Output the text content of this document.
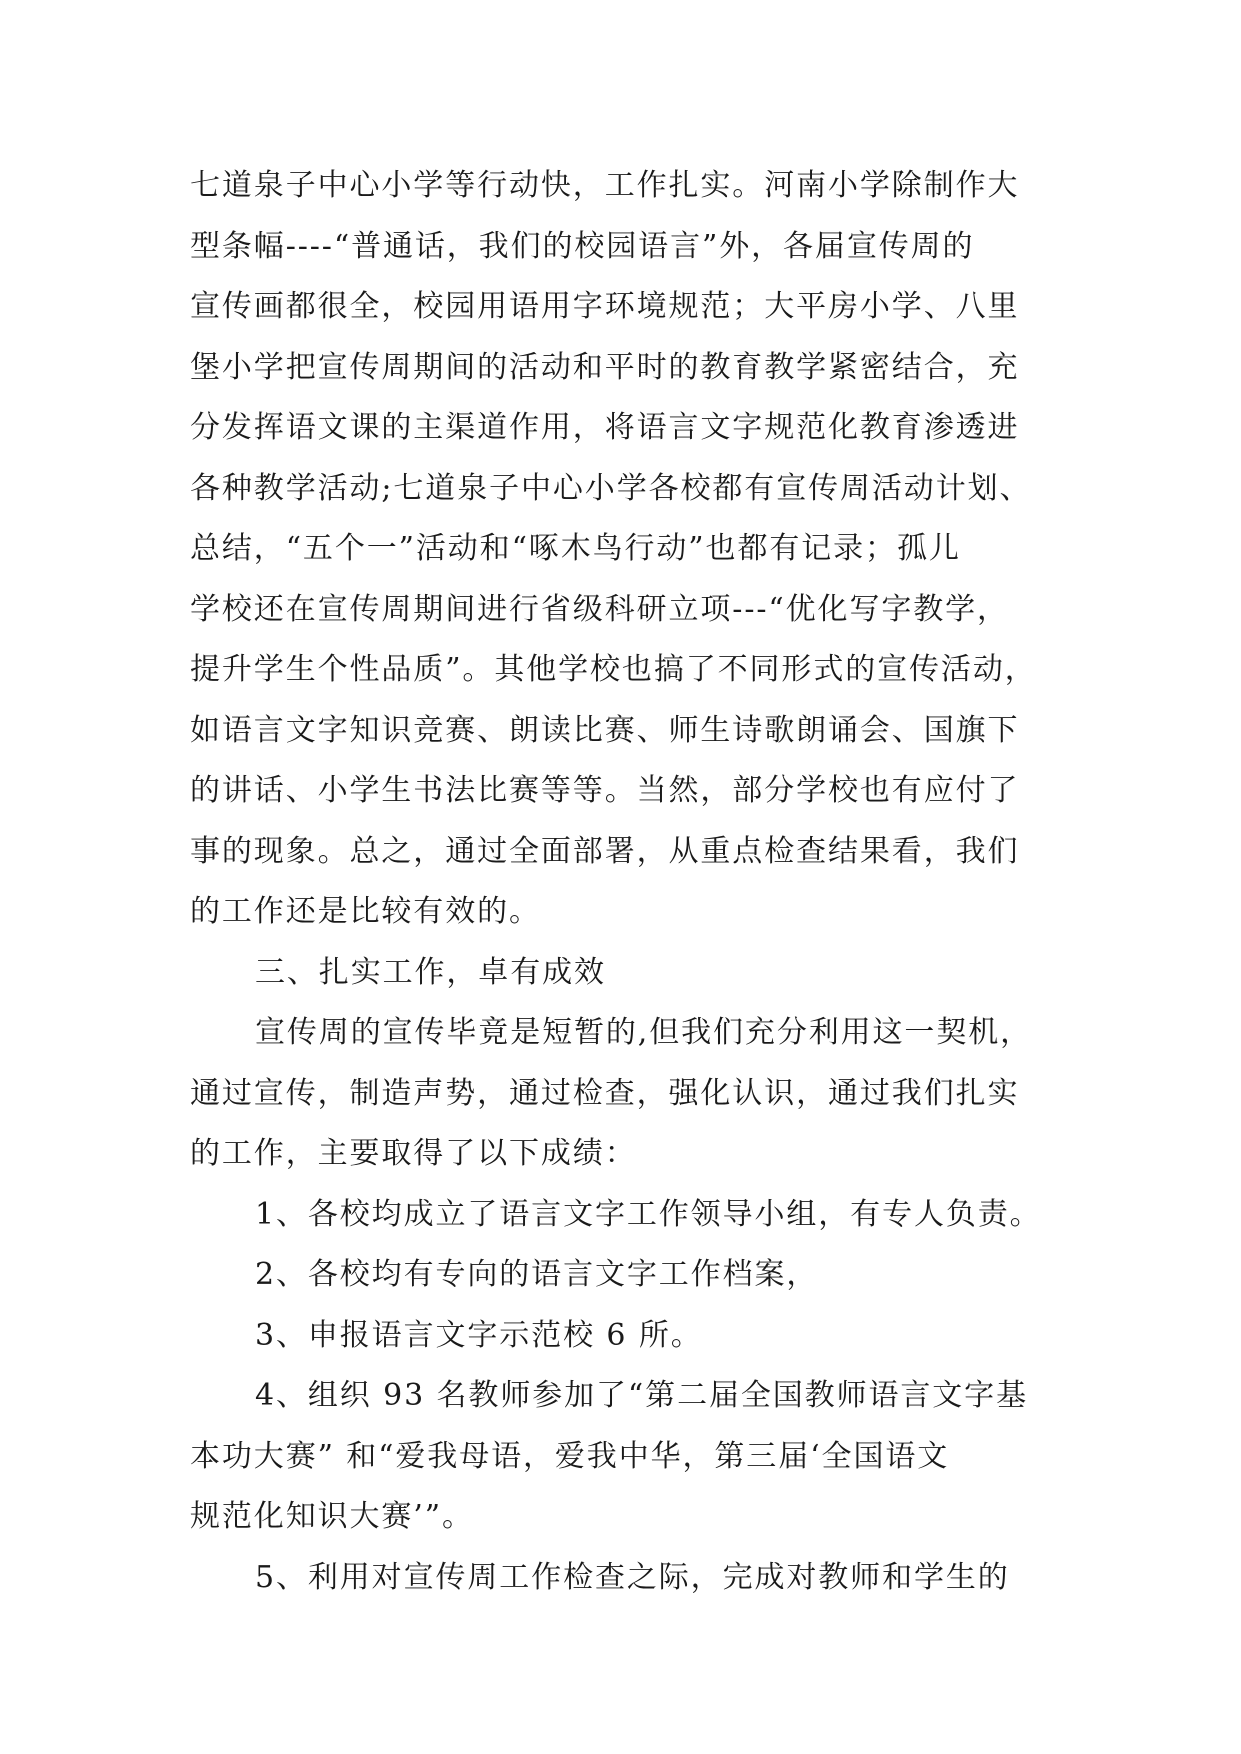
七道泉子中心小学等行动快，工作扎实。河南小学除制作大
型条幅----“普通话，我们的校园语言”外，各届宣传周的
宣传画都很全，校园用语用字环境规范；大平房小学、八里
堡小学把宣传周期间的活动和平时的教育教学紧密结合，充
分发挥语文课的主渠道作用，将语言文字规范化教育渗透进
各种教学活动;七道泉子中心小学各校都有宣传周活动计划、
总结，“五个一”活动和“啄木鸟行动”也都有记录；孤儿
学校还在宣传周期间进行省级科研立项---“优化写字教学，
提升学生个性品质”。其他学校也搞了不同形式的宣传活动，
如语言文字知识竞赛、朗读比赛、师生诗歌朗诵会、国旗下
的讲话、小学生书法比赛等等。当然，部分学校也有应付了
事的现象。总之，通过全面部署，从重点检查结果看，我们
的工作还是比较有效的。
三、扎实工作，卓有成效
宣传周的宣传毕竟是短暂的,但我们充分利用这一契机，
通过宣传，制造声势，通过检查，强化认识，通过我们扎实
的工作，主要取得了以下成绩：
1、各校均成立了语言文字工作领导小组，有专人负责。
2、各校均有专向的语言文字工作档案，
3、申报语言文字示范校 6 所。
4、组织 93 名教师参加了“第二届全国教师语言文字基
本功大赛” 和“爱我母语，爱我中华，第三届‘全国语文
规范化知识大赛’”。
5、利用对宣传周工作检查之际，完成对教师和学生的
